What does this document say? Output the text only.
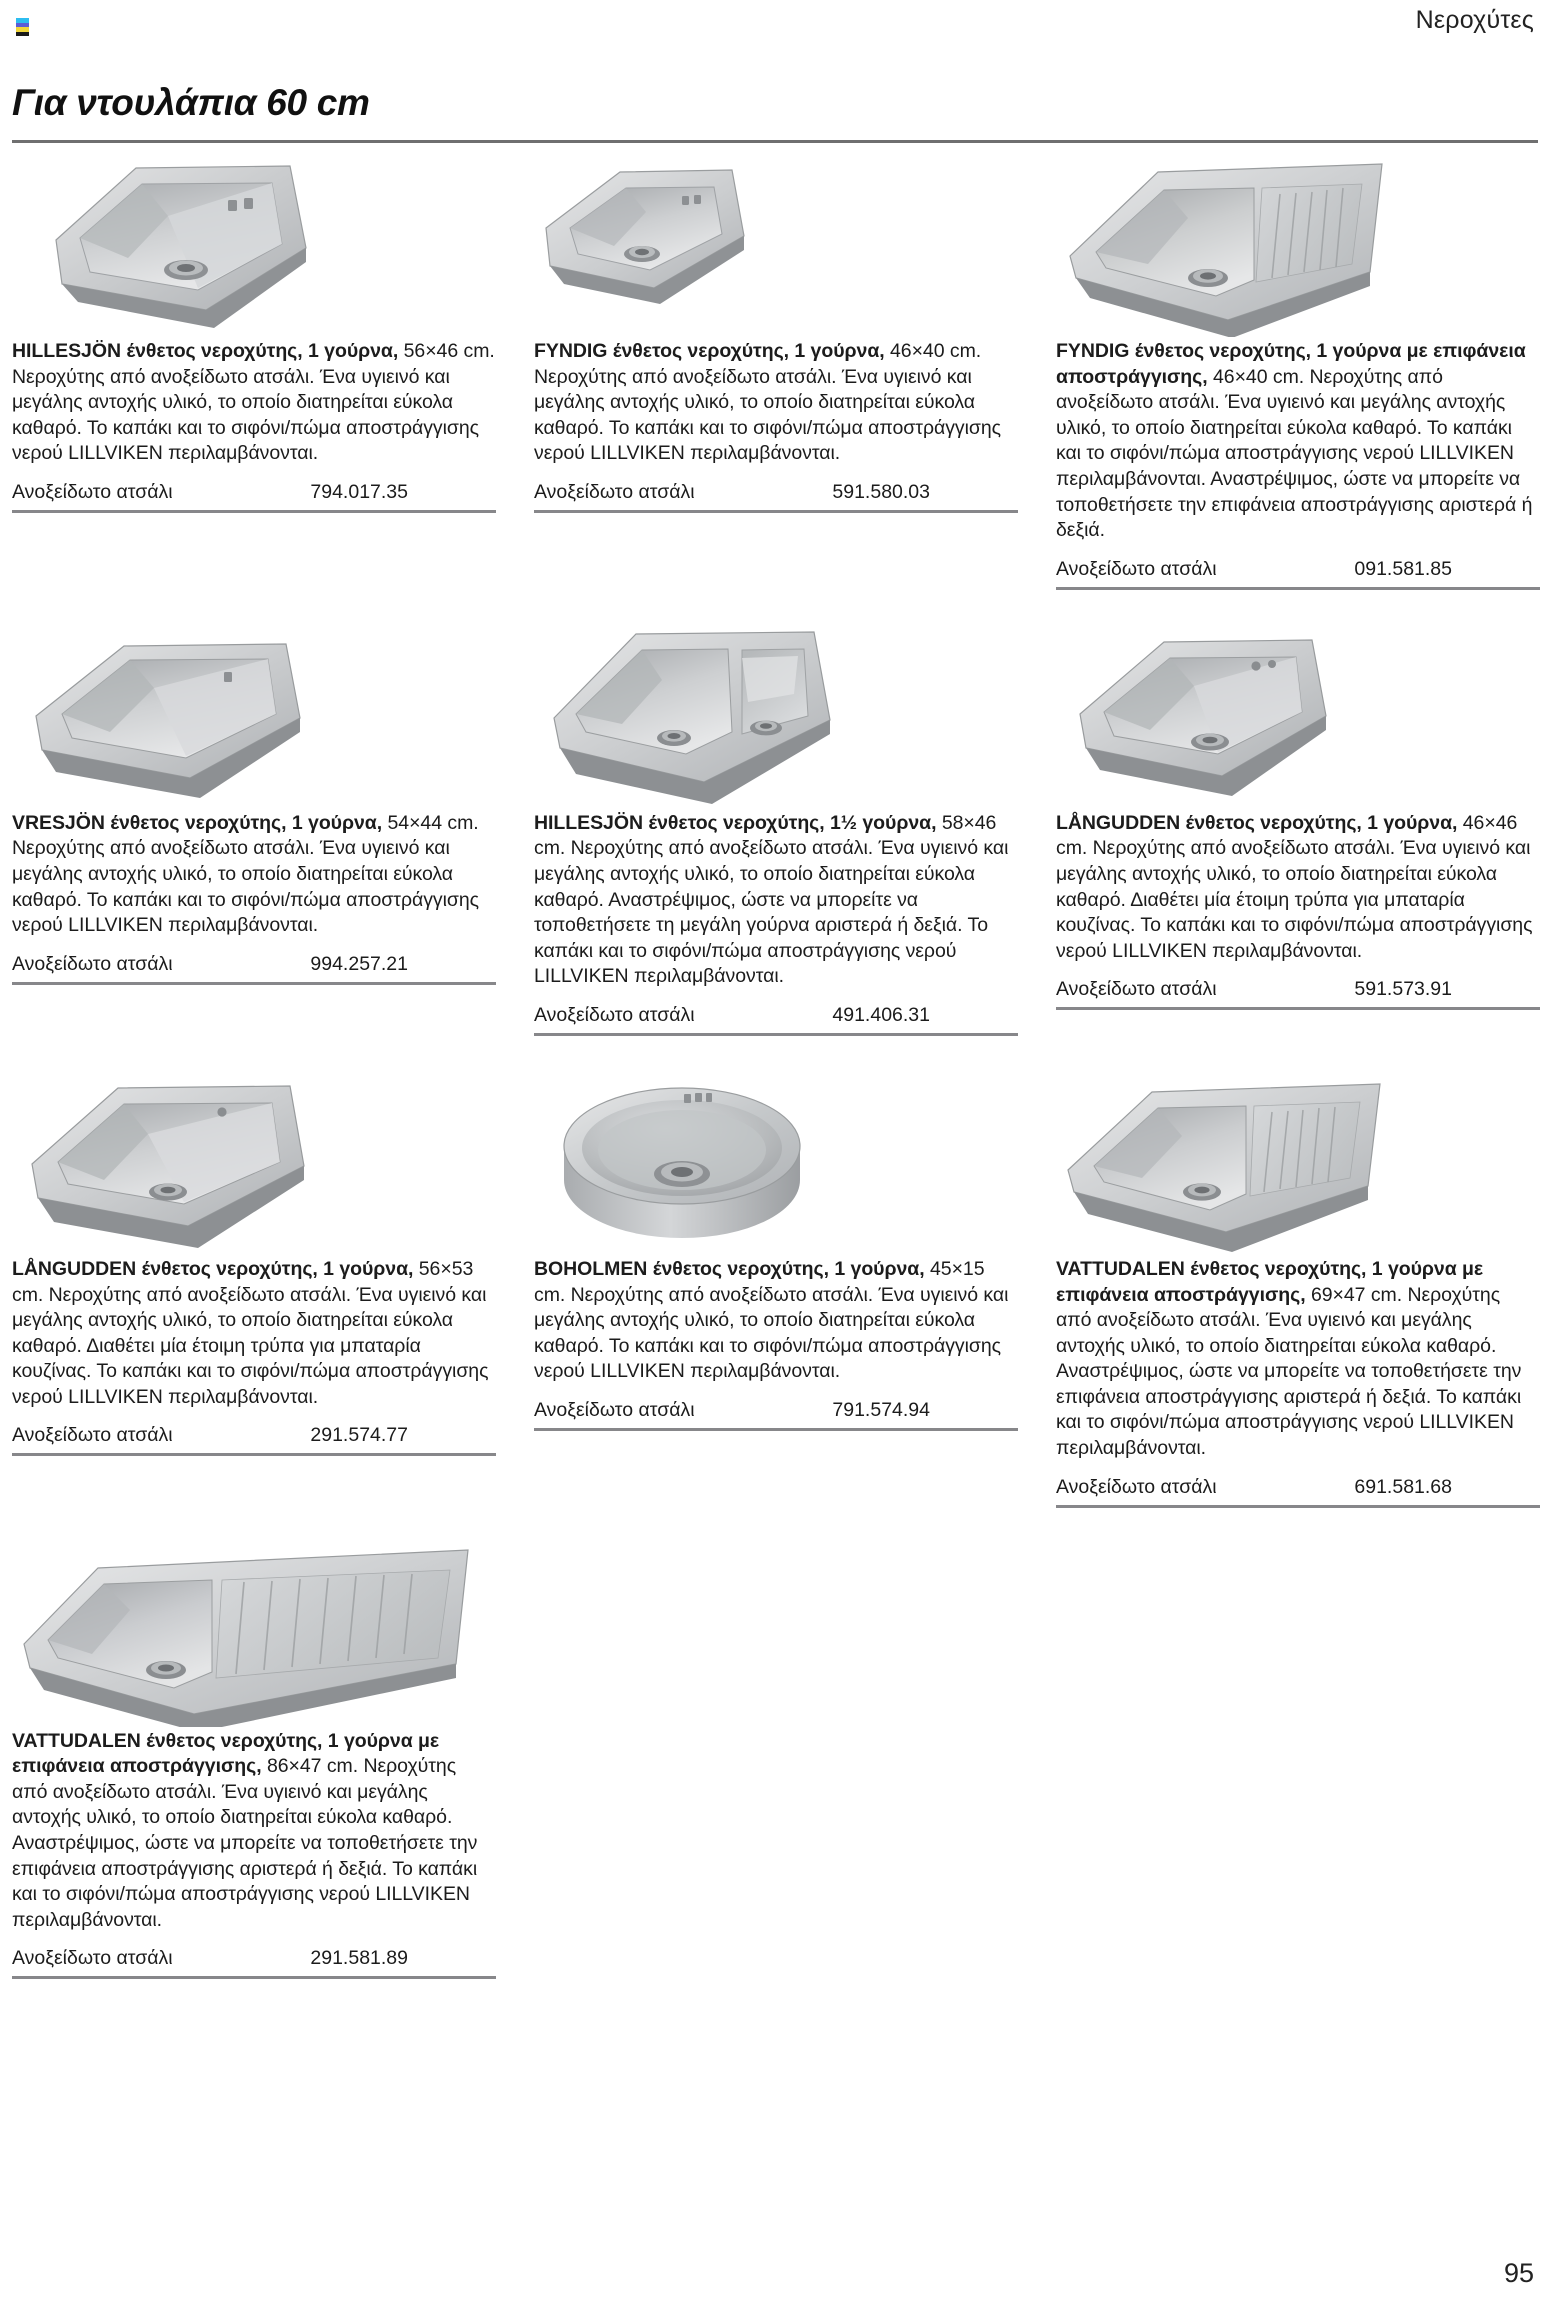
Νεροχύτες
Για ντουλάπια 60 cm
HILLESJÖN ένθετος νεροχύτης, 1 γούρνα, 56×46 cm. Νεροχύτης από ανοξείδωτο ατσάλι. Ένα υγιεινό και μεγάλης αντοχής υλικό, το οποίο διατηρείται εύκολα καθαρό. Το καπάκι και το σιφόνι/πώμα αποστράγγισης νερού LILLVIKEN περιλαμβάνονται.
Ανοξείδωτο ατσάλι	794.017.35
FYNDIG ένθετος νεροχύτης, 1 γούρνα, 46×40 cm. Νεροχύτης από ανοξείδωτο ατσάλι. Ένα υγιεινό και μεγάλης αντοχής υλικό, το οποίο διατηρείται εύκολα καθαρό. Το καπάκι και το σιφόνι/πώμα αποστράγγισης νερού LILLVIKEN περιλαμβάνονται.
Ανοξείδωτο ατσάλι	591.580.03
FYNDIG ένθετος νεροχύτης, 1 γούρνα με επιφάνεια αποστράγγισης, 46×40 cm. Νεροχύτης από ανοξείδωτο ατσάλι. Ένα υγιεινό και μεγάλης αντοχής υλικό, το οποίο διατηρείται εύκολα καθαρό. Το καπάκι και το σιφόνι/πώμα αποστράγγισης νερού LILLVIKEN περιλαμβάνονται. Αναστρέψιμος, ώστε να μπορείτε να τοποθετήσετε την επιφάνεια αποστράγγισης αριστερά ή δεξιά.
Ανοξείδωτο ατσάλι	091.581.85
VRESJÖN ένθετος νεροχύτης, 1 γούρνα, 54×44 cm. Νεροχύτης από ανοξείδωτο ατσάλι. Ένα υγιεινό και μεγάλης αντοχής υλικό, το οποίο διατηρείται εύκολα καθαρό. Το καπάκι και το σιφόνι/πώμα αποστράγγισης νερού LILLVIKEN περιλαμβάνονται.
Ανοξείδωτο ατσάλι	994.257.21
HILLESJÖN ένθετος νεροχύτης, 1½ γούρνα, 58×46 cm. Νεροχύτης από ανοξείδωτο ατσάλι. Ένα υγιεινό και μεγάλης αντοχής υλικό, το οποίο διατηρείται εύκολα καθαρό. Αναστρέψιμος, ώστε να μπορείτε να τοποθετήσετε τη μεγάλη γούρνα αριστερά ή δεξιά. Το καπάκι και το σιφόνι/πώμα αποστράγγισης νερού LILLVIKEN περιλαμβάνονται.
Ανοξείδωτο ατσάλι	491.406.31
LÅNGUDDEN ένθετος νεροχύτης, 1 γούρνα, 46×46 cm. Νεροχύτης από ανοξείδωτο ατσάλι. Ένα υγιεινό και μεγάλης αντοχής υλικό, το οποίο διατηρείται εύκολα καθαρό. Διαθέτει μία έτοιμη τρύπα για μπαταρία κουζίνας. Το καπάκι και το σιφόνι/πώμα αποστράγγισης νερού LILLVIKEN περιλαμβάνονται.
Ανοξείδωτο ατσάλι	591.573.91
LÅNGUDDEN ένθετος νεροχύτης, 1 γούρνα, 56×53 cm. Νεροχύτης από ανοξείδωτο ατσάλι. Ένα υγιεινό και μεγάλης αντοχής υλικό, το οποίο διατηρείται εύκολα καθαρό. Διαθέτει μία έτοιμη τρύπα για μπαταρία κουζίνας. Το καπάκι και το σιφόνι/πώμα αποστράγγισης νερού LILLVIKEN περιλαμβάνονται.
Ανοξείδωτο ατσάλι	291.574.77
BOHOLMEN ένθετος νεροχύτης, 1 γούρνα, 45×15 cm. Νεροχύτης από ανοξείδωτο ατσάλι. Ένα υγιεινό και μεγάλης αντοχής υλικό, το οποίο διατηρείται εύκολα καθαρό. Το καπάκι και το σιφόνι/πώμα αποστράγγισης νερού LILLVIKEN περιλαμβάνονται.
Ανοξείδωτο ατσάλι	791.574.94
VATTUDALEN ένθετος νεροχύτης, 1 γούρνα με επιφάνεια αποστράγγισης, 69×47 cm. Νεροχύτης από ανοξείδωτο ατσάλι. Ένα υγιεινό και μεγάλης αντοχής υλικό, το οποίο διατηρείται εύκολα καθαρό. Αναστρέψιμος, ώστε να μπορείτε να τοποθετήσετε την επιφάνεια αποστράγγισης αριστερά ή δεξιά. Το καπάκι και το σιφόνι/πώμα αποστράγγισης νερού LILLVIKEN περιλαμβάνονται.
Ανοξείδωτο ατσάλι	691.581.68
VATTUDALEN ένθετος νεροχύτης, 1 γούρνα με επιφάνεια αποστράγγισης, 86×47 cm. Νεροχύτης από ανοξείδωτο ατσάλι. Ένα υγιεινό και μεγάλης αντοχής υλικό, το οποίο διατηρείται εύκολα καθαρό. Αναστρέψιμος, ώστε να μπορείτε να τοποθετήσετε την επιφάνεια αποστράγγισης αριστερά ή δεξιά. Το καπάκι και το σιφόνι/πώμα αποστράγγισης νερού LILLVIKEN περιλαμβάνονται.
Ανοξείδωτο ατσάλι	291.581.89
95
